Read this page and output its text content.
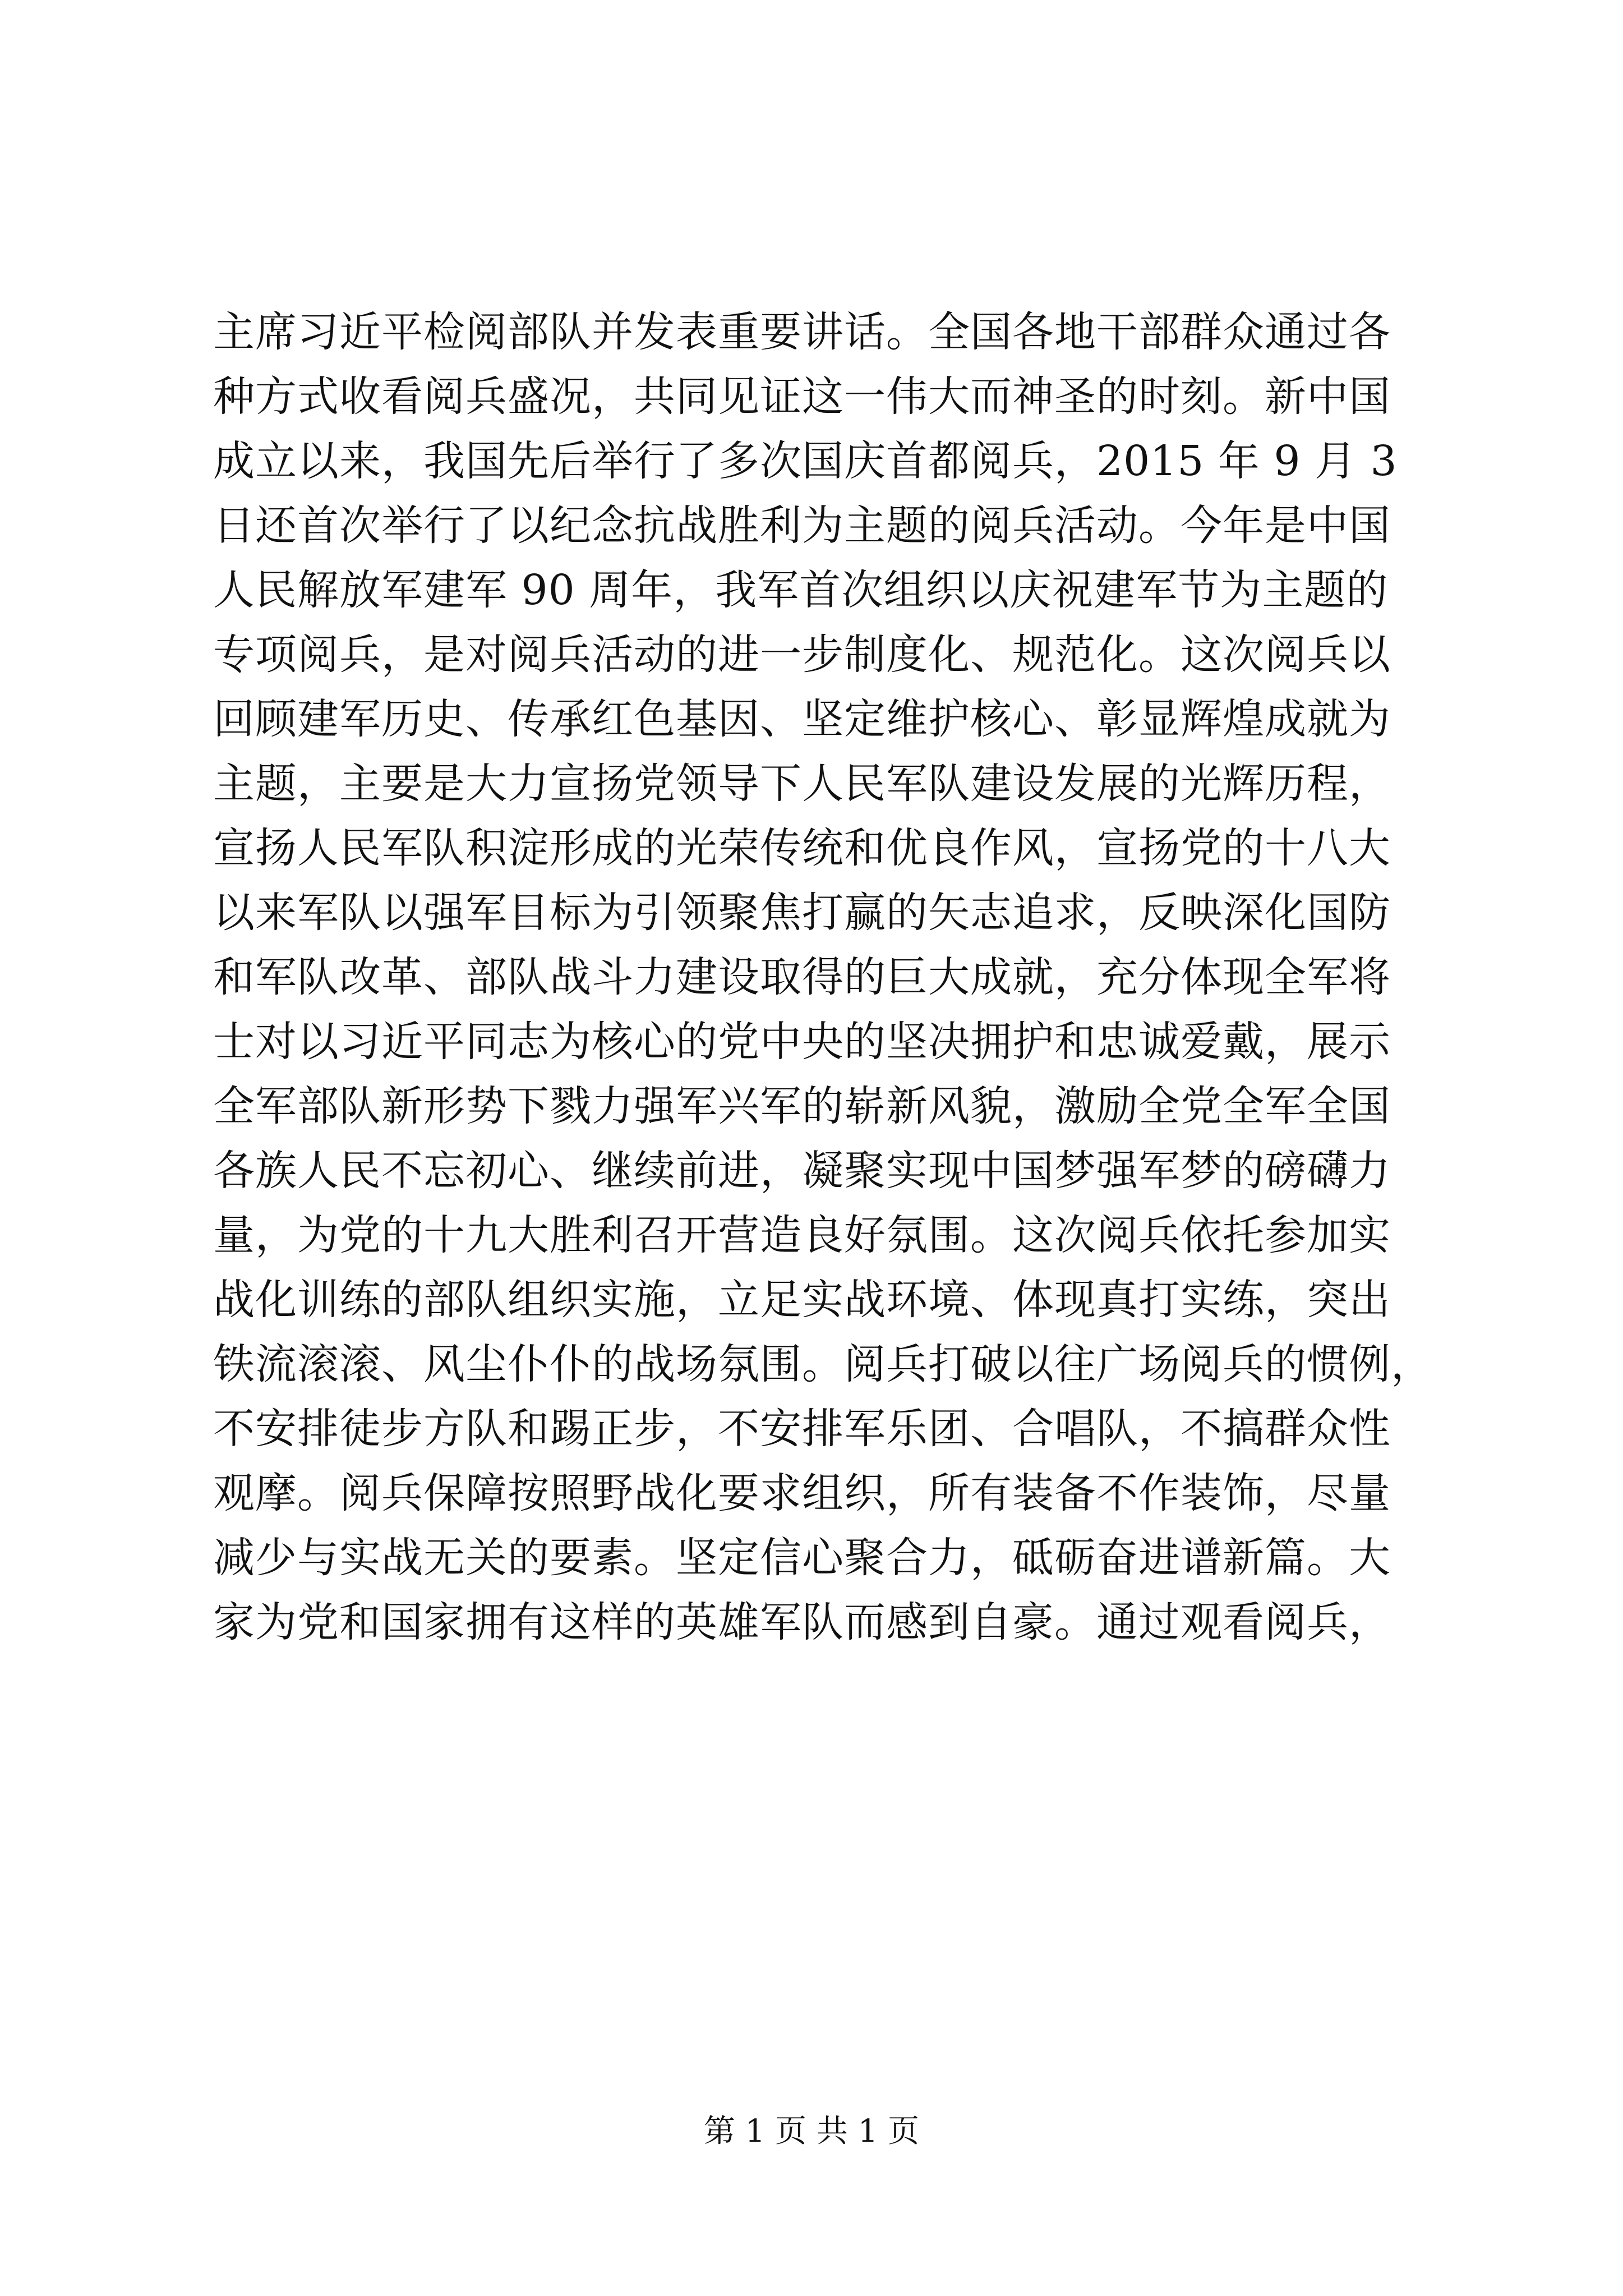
主席习近平检阅部队并发表重要讲话。全国各地干部群众通过各
种方式收看阅兵盛况，共同见证这一伟大而神圣的时刻。新中国
成立以来，我国先后举行了多次国庆首都阅兵，2015 年 9 月 3
日还首次举行了以纪念抗战胜利为主题的阅兵活动。今年是中国
人民解放军建军 90 周年，我军首次组织以庆祝建军节为主题的
专项阅兵，是对阅兵活动的进一步制度化、规范化。这次阅兵以
回顾建军历史、传承红色基因、坚定维护核心、彰显辉煌成就为
主题，主要是大力宣扬党领导下人民军队建设发展的光辉历程，
宣扬人民军队积淀形成的光荣传统和优良作风，宣扬党的十八大
以来军队以强军目标为引领聚焦打赢的矢志追求，反映深化国防
和军队改革、部队战斗力建设取得的巨大成就，充分体现全军将
士对以习近平同志为核心的党中央的坚决拥护和忠诚爱戴，展示
全军部队新形势下戮力强军兴军的崭新风貌，激励全党全军全国
各族人民不忘初心、继续前进，凝聚实现中国梦强军梦的磅礴力
量，为党的十九大胜利召开营造良好氛围。这次阅兵依托参加实
战化训练的部队组织实施，立足实战环境、体现真打实练，突出
铁流滚滚、风尘仆仆的战场氛围。阅兵打破以往广场阅兵的惯例，
不安排徒步方队和踢正步，不安排军乐团、合唱队，不搞群众性
观摩。阅兵保障按照野战化要求组织，所有装备不作装饰，尽量
减少与实战无关的要素。坚定信心聚合力，砥砺奋进谱新篇。大
家为党和国家拥有这样的英雄军队而感到自豪。通过观看阅兵，
第 1 页 共 1 页
